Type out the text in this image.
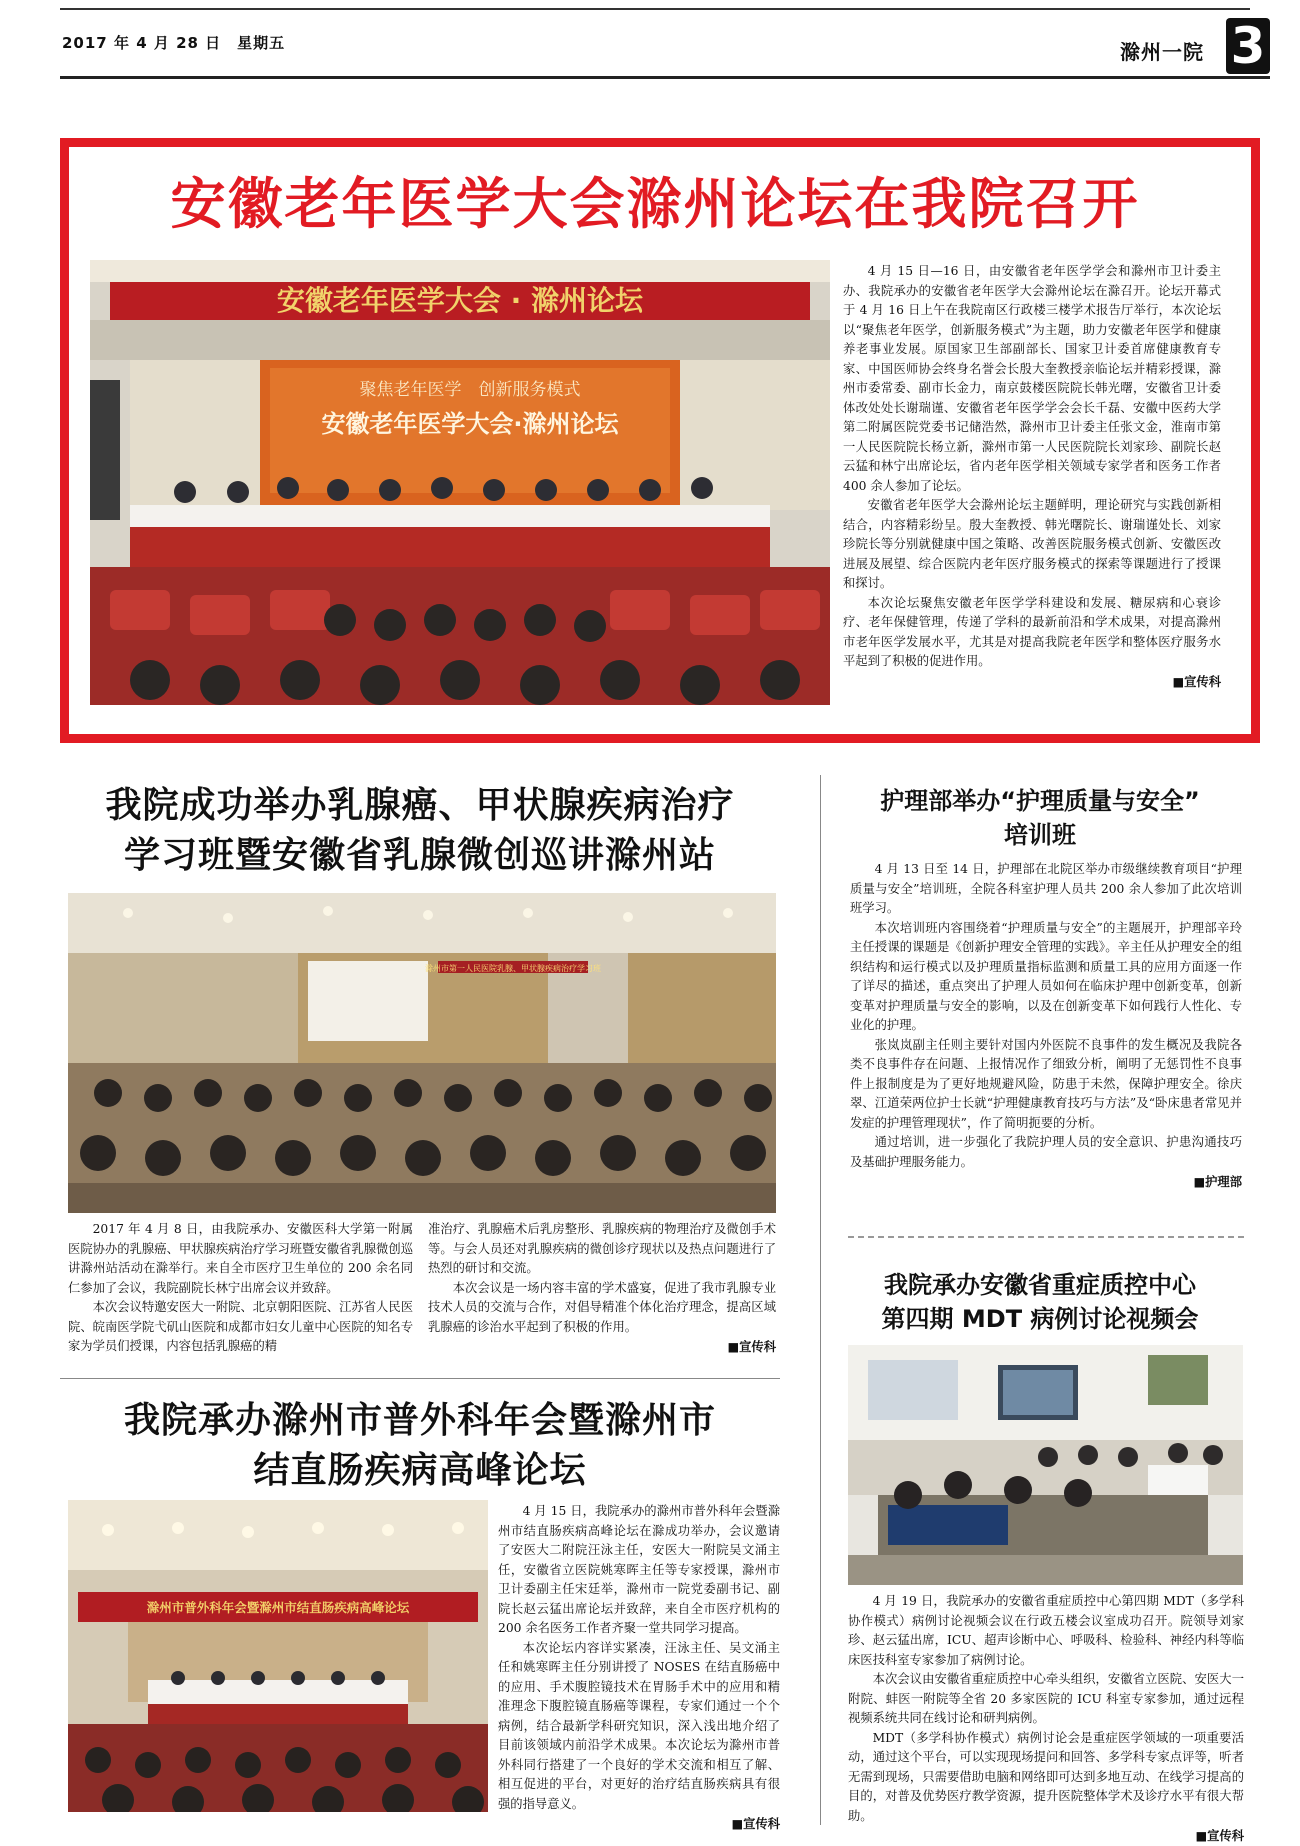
2017 年 4 月 28 日　星期五	滁州一院 3
安徽老年医学大会滁州论坛在我院召开
安徽老年医学大会 · 滁州论坛
聚焦老年医学　创新服务模式
安徽老年医学大会·滁州论坛

4 月 15 日—16 日，由安徽省老年医学学会和滁州市卫计委主办、我院承办的安徽省老年医学大会滁州论坛在滁召开。论坛开幕式于 4 月 16 日上午在我院南区行政楼三楼学术报告厅举行，本次论坛以“聚焦老年医学，创新服务模式”为主题，助力安徽老年医学和健康养老事业发展。原国家卫生部副部长、国家卫计委首席健康教育专家、中国医师协会终身名誉会长殷大奎教授亲临论坛并精彩授课，滁州市委常委、副市长金力，南京鼓楼医院院长韩光曙，安徽省卫计委体改处处长谢瑞谨、安徽省老年医学学会会长千磊、安徽中医药大学第二附属医院党委书记储浩然，滁州市卫计委主任张文金，淮南市第一人民医院院长杨立新，滁州市第一人民医院院长刘家珍、副院长赵云猛和林宁出席论坛，省内老年医学相关领域专家学者和医务工作者 400 余人参加了论坛。

安徽省老年医学大会滁州论坛主题鲜明，理论研究与实践创新相结合，内容精彩纷呈。殷大奎教授、韩光曙院长、谢瑞谨处长、刘家珍院长等分别就健康中国之策略、改善医院服务模式创新、安徽医改进展及展望、综合医院内老年医疗服务模式的探索等课题进行了授课和探讨。

本次论坛聚焦安徽老年医学学科建设和发展、糖尿病和心衰诊疗、老年保健管理，传递了学科的最新前沿和学术成果，对提高滁州市老年医学发展水平，尤其是对提高我院老年医学和整体医疗服务水平起到了积极的促进作用。

■宣传科

我院成功举办乳腺癌、甲状腺疾病治疗
学习班暨安徽省乳腺微创巡讲滁州站
滁州市第一人民医院乳腺、甲状腺疾病治疗学习班

2017 年 4 月 8 日，由我院承办、安徽医科大学第一附属医院协办的乳腺癌、甲状腺疾病治疗学习班暨安徽省乳腺微创巡讲滁州站活动在滁举行。来自全市医疗卫生单位的 200 余名同仁参加了会议，我院副院长林宁出席会议并致辞。

本次会议特邀安医大一附院、北京朝阳医院、江苏省人民医院、皖南医学院弋矶山医院和成都市妇女儿童中心医院的知名专家为学员们授课，内容包括乳腺癌的精

准治疗、乳腺癌术后乳房整形、乳腺疾病的物理治疗及微创手术等。与会人员还对乳腺疾病的微创诊疗现状以及热点问题进行了热烈的研讨和交流。

本次会议是一场内容丰富的学术盛宴，促进了我市乳腺专业技术人员的交流与合作，对倡导精准个体化治疗理念，提高区域乳腺癌的诊治水平起到了积极的作用。

■宣传科

我院承办滁州市普外科年会暨滁州市
结直肠疾病高峰论坛
滁州市普外科年会暨滁州市结直肠疾病高峰论坛

4 月 15 日，我院承办的滁州市普外科年会暨滁州市结直肠疾病高峰论坛在滁成功举办，会议邀请了安医大二附院汪泳主任，安医大一附院吴文涌主任，安徽省立医院姚寒晖主任等专家授课，滁州市卫计委副主任宋廷举，滁州市一院党委副书记、副院长赵云猛出席论坛并致辞，来自全市医疗机构的 200 余名医务工作者齐聚一堂共同学习提高。

本次论坛内容详实紧凑，汪泳主任、吴文涌主任和姚寒晖主任分别讲授了 NOSES 在结直肠癌中的应用、手术腹腔镜技术在胃肠手术中的应用和精准理念下腹腔镜直肠癌等课程，专家们通过一个个病例，结合最新学科研究知识，深入浅出地介绍了目前该领域内前沿学术成果。本次论坛为滁州市普外科同行搭建了一个良好的学术交流和相互了解、相互促进的平台，对更好的治疗结直肠疾病具有很强的指导意义。

■宣传科

护理部举办“护理质量与安全”
培训班

4 月 13 日至 14 日，护理部在北院区举办市级继续教育项目“护理质量与安全”培训班，全院各科室护理人员共 200 余人参加了此次培训班学习。

本次培训班内容围绕着“护理质量与安全”的主题展开，护理部辛玲主任授课的课题是《创新护理安全管理的实践》。辛主任从护理安全的组织结构和运行模式以及护理质量指标监测和质量工具的应用方面逐一作了详尽的描述，重点突出了护理人员如何在临床护理中创新变革，创新变革对护理质量与安全的影响，以及在创新变革下如何践行人性化、专业化的护理。

张岚岚副主任则主要针对国内外医院不良事件的发生概况及我院各类不良事件存在问题、上报情况作了细致分析，阐明了无惩罚性不良事件上报制度是为了更好地规避风险，防患于未然，保障护理安全。徐庆翠、江道荣两位护士长就“护理健康教育技巧与方法”及“卧床患者常见并发症的护理管理现状”，作了简明扼要的分析。

通过培训，进一步强化了我院护理人员的安全意识、护患沟通技巧及基础护理服务能力。

■护理部

我院承办安徽省重症质控中心
第四期 MDT 病例讨论视频会

4 月 19 日，我院承办的安徽省重症质控中心第四期 MDT（多学科协作模式）病例讨论视频会议在行政五楼会议室成功召开。院领导刘家珍、赵云猛出席，ICU、超声诊断中心、呼吸科、检验科、神经内科等临床医技科室专家参加了病例讨论。

本次会议由安徽省重症质控中心牵头组织，安徽省立医院、安医大一附院、蚌医一附院等全省 20 多家医院的 ICU 科室专家参加，通过远程视频系统共同在线讨论和研判病例。

MDT（多学科协作模式）病例讨论会是重症医学领域的一项重要活动，通过这个平台，可以实现现场提问和回答、多学科专家点评等，听者无需到现场，只需要借助电脑和网络即可达到多地互动、在线学习提高的目的，对普及优势医疗教学资源，提升医院整体学术及诊疗水平有很大帮助。

■宣传科
